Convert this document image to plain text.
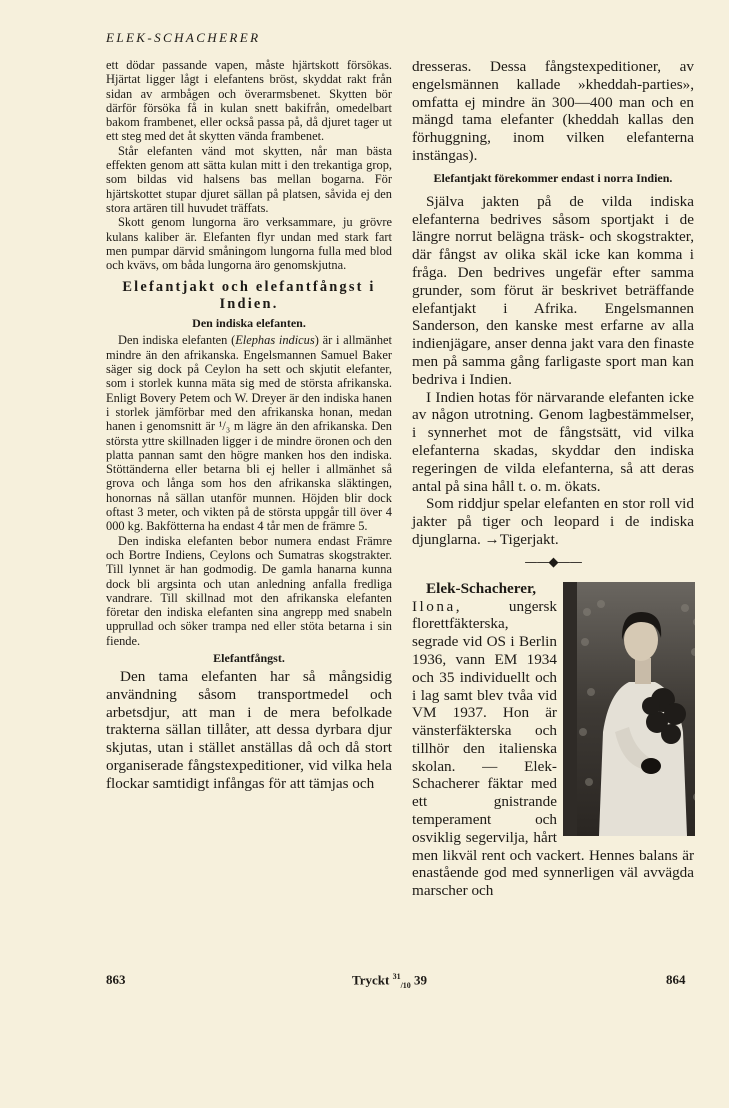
ELEK-SCHACHERER

ett dödar passande vapen, måste hjärtskott försökas. Hjärtat ligger lågt i elefantens bröst, skyddat rakt från sidan av armbågen och överarmsbenet. Skytten bör därför försöka få in kulan snett bakifrån, omedelbart bakom frambenet, eller också passa på, då djuret tager ut ett steg med det åt skytten vända frambenet.

Står elefanten vänd mot skytten, når man bästa effekten genom att sätta kulan mitt i den trekantiga grop, som bildas vid halsens bas mellan bogarna. För hjärtskottet stupar djuret sällan på platsen, såvida ej den stora artären till huvudet träffats.

Skott genom lungorna äro verksammare, ju grövre kulans kaliber är. Elefanten flyr undan med stark fart men pumpar därvid småningom lungorna fulla med blod och kvävs, om båda lungorna äro genomskjutna.

Elefantjakt och elefantfångst i Indien.
Den indiska elefanten.

Den indiska elefanten (Elephas indicus) är i allmänhet mindre än den afrikanska. Engelsmannen Samuel Baker säger sig dock på Ceylon ha sett och skjutit elefanter, som i storlek kunna mäta sig med de största afrikanska. Enligt Bovery Petem och W. Dreyer är den indiska hanen i storlek jämförbar med den afrikanska honan, medan hanen i genomsnitt är ¹/₃ m lägre än den afrikanska. Den största yttre skillnaden ligger i de mindre öronen och den platta pannan samt den högre manken hos den indiska. Stöttänderna eller betarna bli ej heller i allmänhet så grova och långa som hos den afrikanska släktingen, honornas nå sällan utanför munnen. Höjden blir dock oftast 3 meter, och vikten på de största uppgår till över 4 000 kg. Bakfötterna ha endast 4 tår men de främre 5.

Den indiska elefanten bebor numera endast Främre och Bortre Indiens, Ceylons och Sumatras skogstrakter. Till lynnet är han godmodig. De gamla hanarna kunna dock bli argsinta och utan anledning anfalla fredliga vandrare. Till skillnad mot den afrikanska elefanten företar den indiska elefanten sina angrepp med snabeln upprullad och söker trampa ned eller stöta betarna i sin fiende.

Elefantfångst.

Den tama elefanten har så mångsidig användning såsom transportmedel och arbetsdjur, att man i de mera befolkade trakterna sällan tillåter, att dessa dyrbara djur skjutas, utan i stället anställas då och då stort organiserade fångstexpeditioner, vid vilka hela flockar samtidigt infångas för att tämjas och

dresseras. Dessa fångstexpeditioner, av engelsmännen kallade »kheddah-parties», omfatta ej mindre än 300—400 man och en mängd tama elefanter (kheddah kallas den förhuggning, inom vilken elefanterna instängas).

Elefantjakt förekommer endast i norra Indien.

Själva jakten på de vilda indiska elefanterna bedrives såsom sportjakt i de längre norrut belägna träsk- och skogstrakter, där fångst av olika skäl icke kan komma i fråga. Den bedrives ungefär efter samma grunder, som förut är beskrivet beträffande elefantjakt i Afrika. Engelsmannen Sanderson, den kanske mest erfarne av alla indienjägare, anser denna jakt vara den finaste men på samma gång farligaste sport man kan bedriva i Indien.

I Indien hotas för närvarande elefanten icke av någon utrotning. Genom lagbestämmelser, i synnerhet mot de fångstsätt, vid vilka elefanterna skadas, skyddar den indiska regeringen de vilda elefanterna, så att deras antal på sina håll t. o. m. ökats.

Som riddjur spelar elefanten en stor roll vid jakter på tiger och leopard i de indiska djunglarna. →Tigerjakt.

——◆——

Elek-Schacherer, Ilona,	ungersk florettfäkterska, segrade vid OS i Berlin 1936, vann EM 1934 och 35 individuellt och i lag samt blev tvåa vid VM 1937. Hon är vänsterfäkterska och tillhör den italienska skolan. — Elek-Schacherer fäktar med ett gnistrande temperament och osviklig segervilja, hårt men likväl rent och vackert. Hennes balans är enastående god med synnerligen väl avvägda marscher och

863	Tryckt $^{31}_{/10}$ 39	864
